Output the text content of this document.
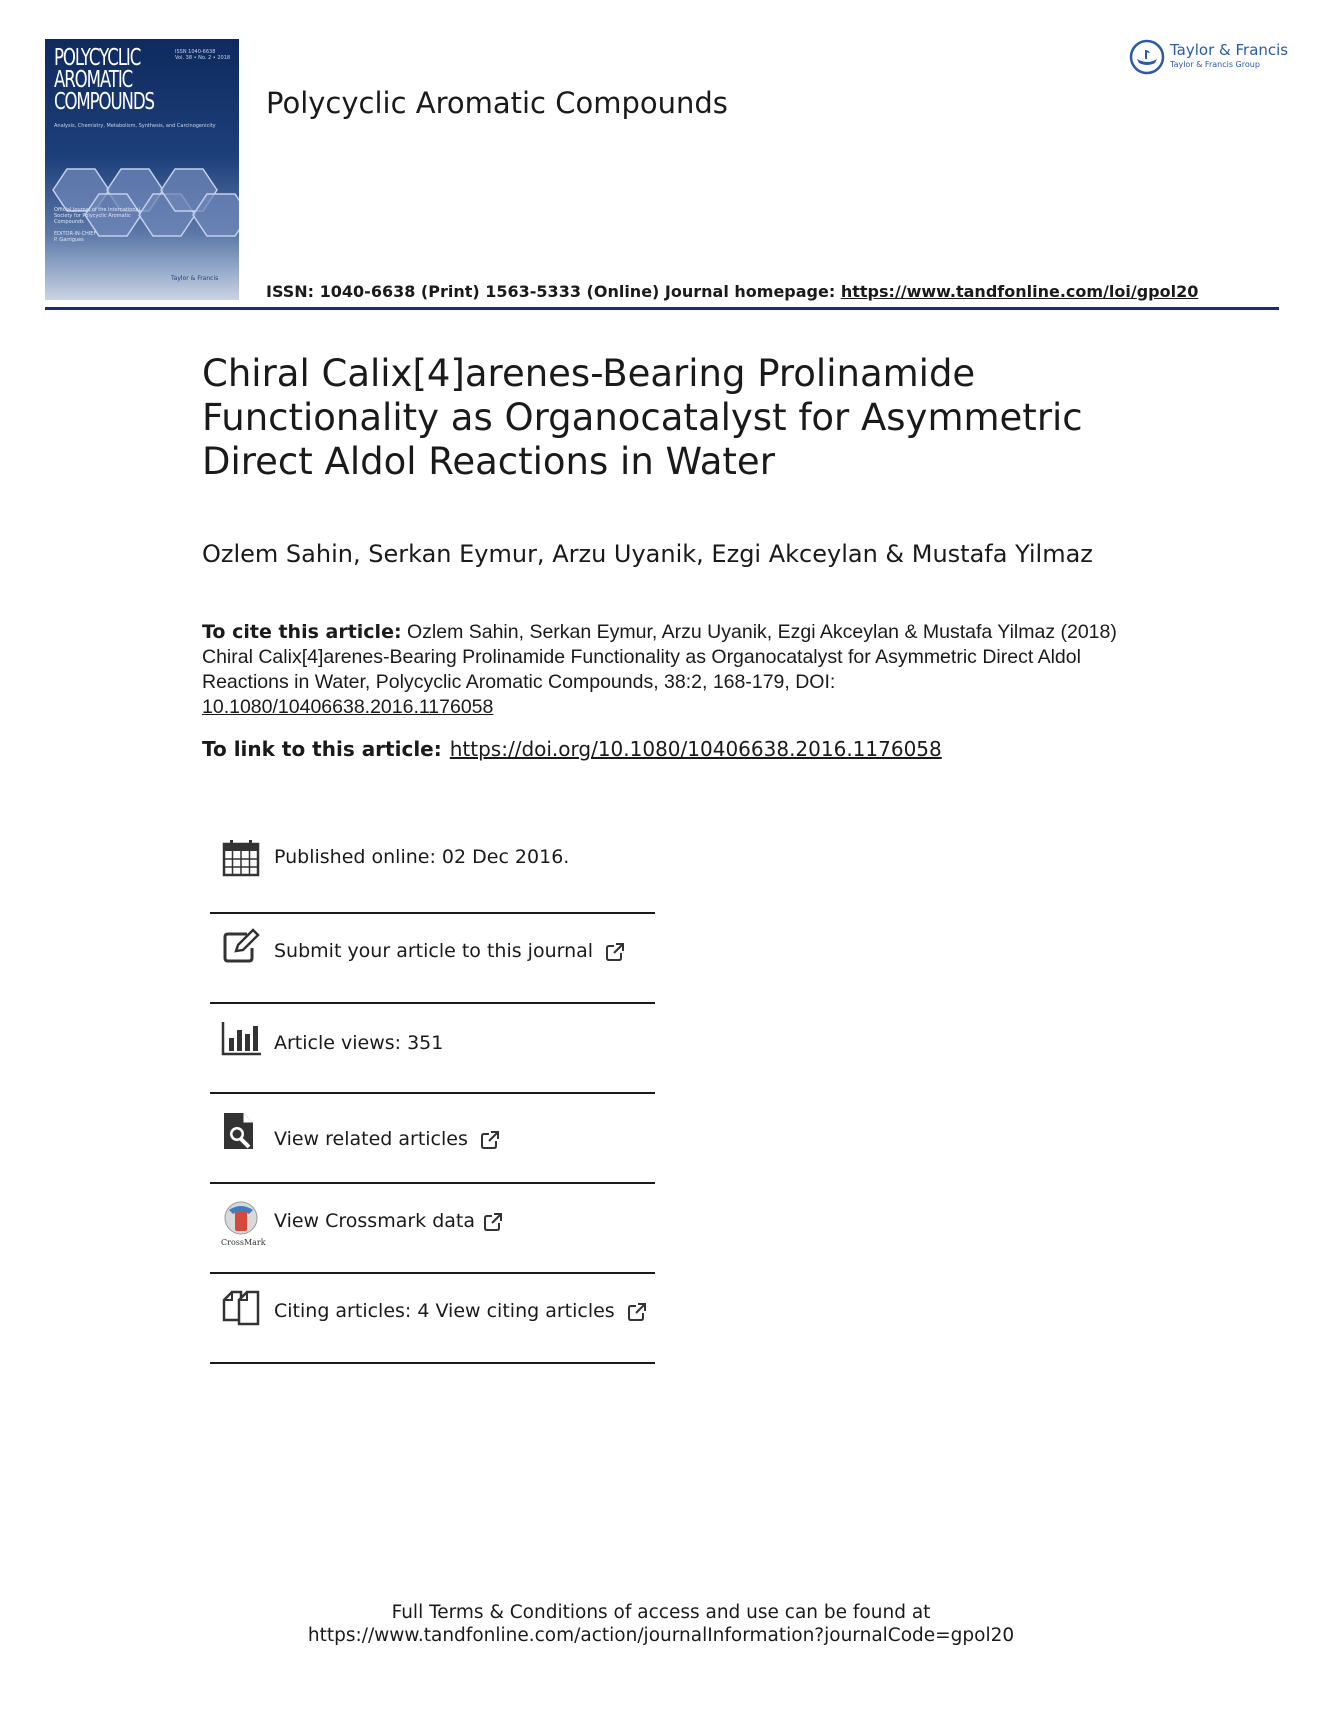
POLYCYCLIC
AROMATIC
COMPOUNDS
ISSN 1040-6638
Vol. 38 • No. 2 • 2018
Analysis, Chemistry, Metabolism, Synthesis, and Carcinogenicity
Official Journal of the International Society for Polycyclic Aromatic Compounds
EDITOR-IN-CHIEF
P. Garrigues
Taylor & Francis
Polycyclic Aromatic Compounds
Taylor & Francis
Taylor & Francis Group
ISSN: 1040-6638 (Print) 1563-5333 (Online) Journal homepage: https://www.tandfonline.com/loi/gpol20
Chiral Calix[4]arenes-Bearing Prolinamide Functionality as Organocatalyst for Asymmetric Direct Aldol Reactions in Water
Ozlem Sahin, Serkan Eymur, Arzu Uyanik, Ezgi Akceylan & Mustafa Yilmaz
To cite this article: Ozlem Sahin, Serkan Eymur, Arzu Uyanik, Ezgi Akceylan & Mustafa Yilmaz (2018) Chiral Calix[4]arenes-Bearing Prolinamide Functionality as Organocatalyst for Asymmetric Direct Aldol Reactions in Water, Polycyclic Aromatic Compounds, 38:2, 168-179, DOI: 10.1080/10406638.2016.1176058
To link to this article: https://doi.org/10.1080/10406638.2016.1176058
Published online: 02 Dec 2016.
Submit your article to this journal
Article views: 351
View related articles
CrossMark
View Crossmark data
Citing articles: 4 View citing articles
Full Terms & Conditions of access and use can be found at
https://www.tandfonline.com/action/journalInformation?journalCode=gpol20
